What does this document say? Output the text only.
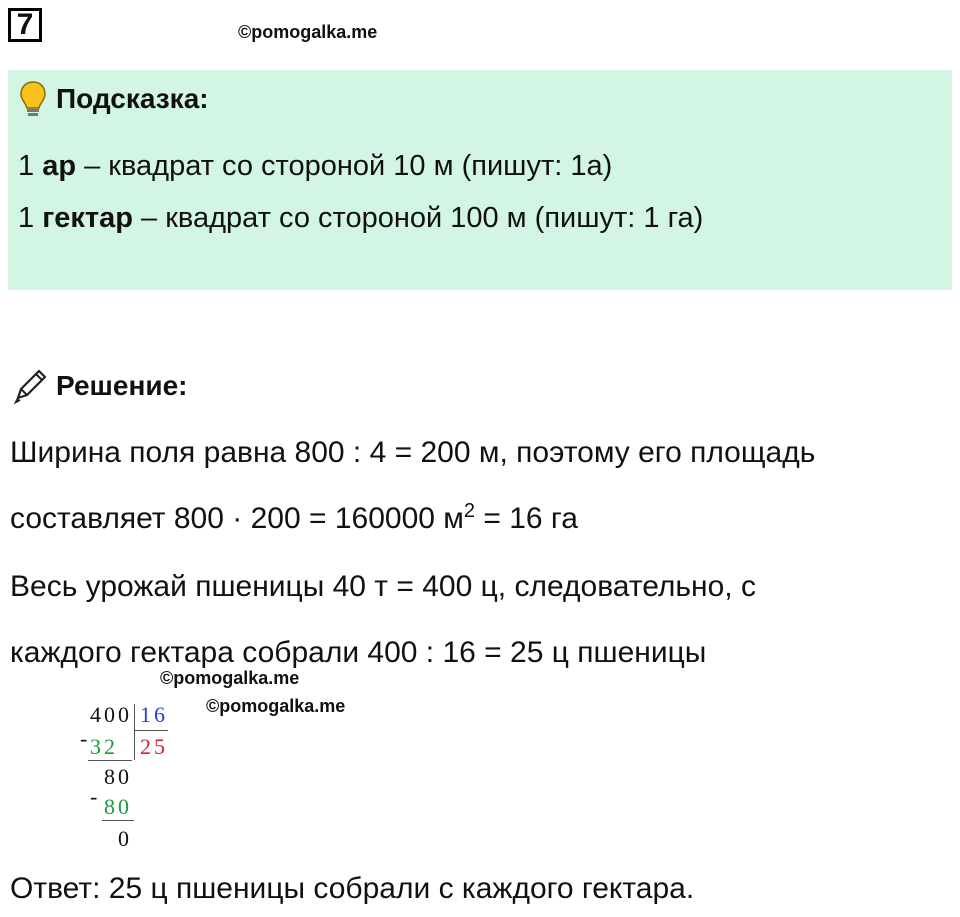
7	©pomogalka.me
Подсказка:
1 ар – квадрат со стороной 10 м (пишут: 1а)
1 гектар – квадрат со стороной 100 м (пишут: 1 га)
Решение:
Ширина поля равна 800 : 4 = 200 м, поэтому его площадь
составляет 800 · 200 = 160000 $м^2 = 16$ га
Весь урожай пшеницы 40 т = 400 ц, следовательно, с
каждого гектара собрали 400 : 16 = 25 ц пшеницы
©pomogalka.me
©pomogalka.me
400 16
- 32 25
80
- 80
0
Ответ: 25 ц пшеницы собрали с каждого гектара.
